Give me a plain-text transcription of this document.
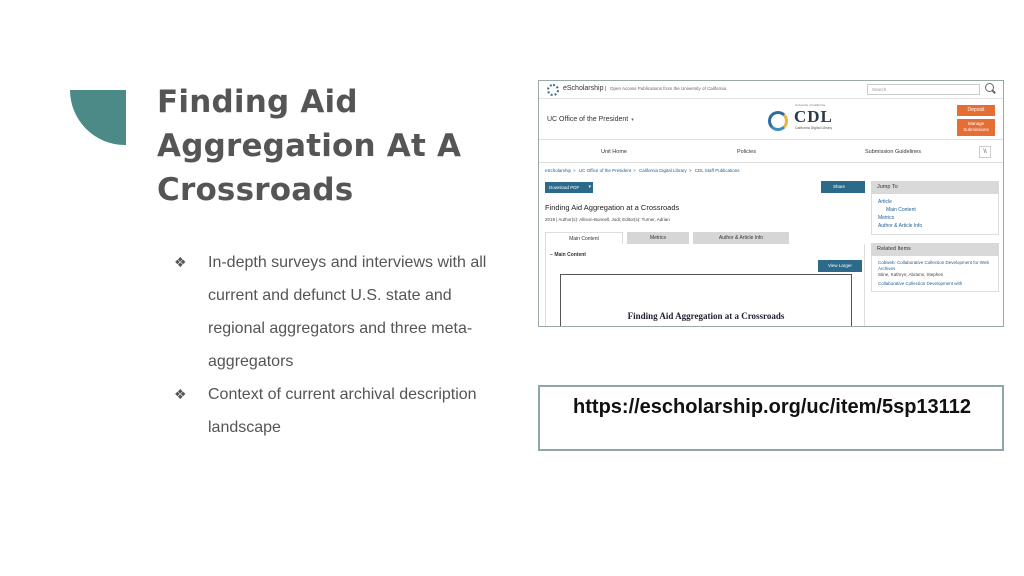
Finding Aid Aggregation At A Crossroads
❖ In-depth surveys and interviews with all current and defunct U.S. state and regional aggregators and three meta-aggregators
❖ Context of current archival description landscape
eScholarship	Open Access Publications from the University of California	Search
UC Office of the President ▾
University of California
CDL
California Digital Library
Deposit
Manage Submissions
Unit Home	Policies	Submission Guidelines	\\
eScholarship > UC Office of the President > California Digital Library > CDL Staff Publications
Download PDF ▾	Share
Finding Aid Aggregation at a Crossroads
2019 | Author(s): Allison-Bunnell, Jodi; Editor(s): Turner, Adrian
Main Content	Metrics	Author & Article Info
− Main Content
View Larger
Finding Aid Aggregation at a Crossroads
Jump To
Article
Main Content
Metrics
Author & Article Info
Related Items
Cobweb: Collaborative Collection Development for Web Archives
Stine, Kathryn; Abrams, Stephen
Collaborative Collection Development with
https://escholarship.org/uc/item/5sp13112
